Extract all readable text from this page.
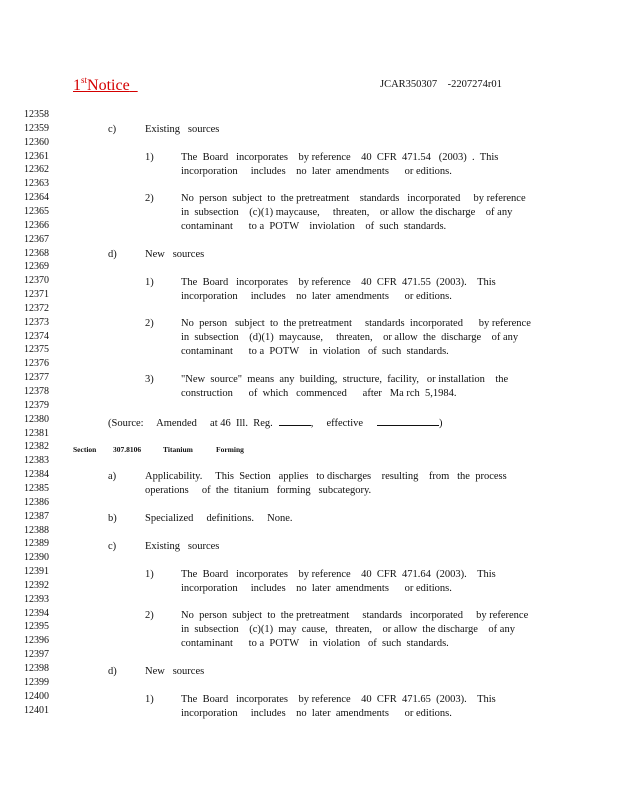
1stNotice	JCAR350307    -2207274r01
12358
12359
12360
12361
12362
12363
12364
12365
12366
12367
12368
12369
12370
12371
12372
12373
12374
12375
12376
12377
12378
12379
12380
12381
12382
12383
12384
12385
12386
12387
12388
12389
12390
12391
12392
12393
12394
12395
12396
12397
12398
12399
12400
12401
c)	Existing   sources
1)	The  Board   incorporates    by reference    40  CFR  471.54   (2003)  .  This
incorporation     includes    no  later  amendments      or editions.
2)	No  person  subject  to  the pretreatment    standards   incorporated     by reference
in  subsection    (c)(1) maycause,     threaten,    or allow  the discharge    of any
contaminant      to a  POTW    inviolation    of  such  standards.
d)	New   sources
1)	The  Board   incorporates    by reference    40  CFR  471.55  (2003).    This
incorporation     includes    no  later  amendments      or editions.
2)	No  person   subject  to  the pretreatment     standards  incorporated      by reference
in  subsection    (d)(1)  maycause,     threaten,    or allow  the  discharge    of any
contaminant      to a  POTW    in  violation   of  such  standards.
3)	"New  source"  means  any  building,  structure,  facility,   or installation    the
construction      of  which   commenced      after   Ma rch  5,1984.
(Source:     Amended     at 46  Ill.  Reg.	,     effective	)
Section 307.8106	Titanium	Forming
a)	Applicability.     This  Section   applies   to discharges    resulting    from   the  process
operations     of  the  titanium   forming   subcategory.
b)	Specialized     definitions.     None.
c)	Existing   sources
1)	The  Board   incorporates    by reference    40  CFR  471.64  (2003).    This
incorporation     includes    no  later  amendments      or editions.
2)	No  person  subject  to  the pretreatment     standards   incorporated     by reference
in  subsection    (c)(1)  may  cause,   threaten,    or allow  the discharge    of any
contaminant      to a  POTW    in  violation   of  such  standards.
d)	New   sources
1)	The  Board   incorporates    by reference    40  CFR  471.65  (2003).    This
incorporation     includes    no  later  amendments      or editions.
